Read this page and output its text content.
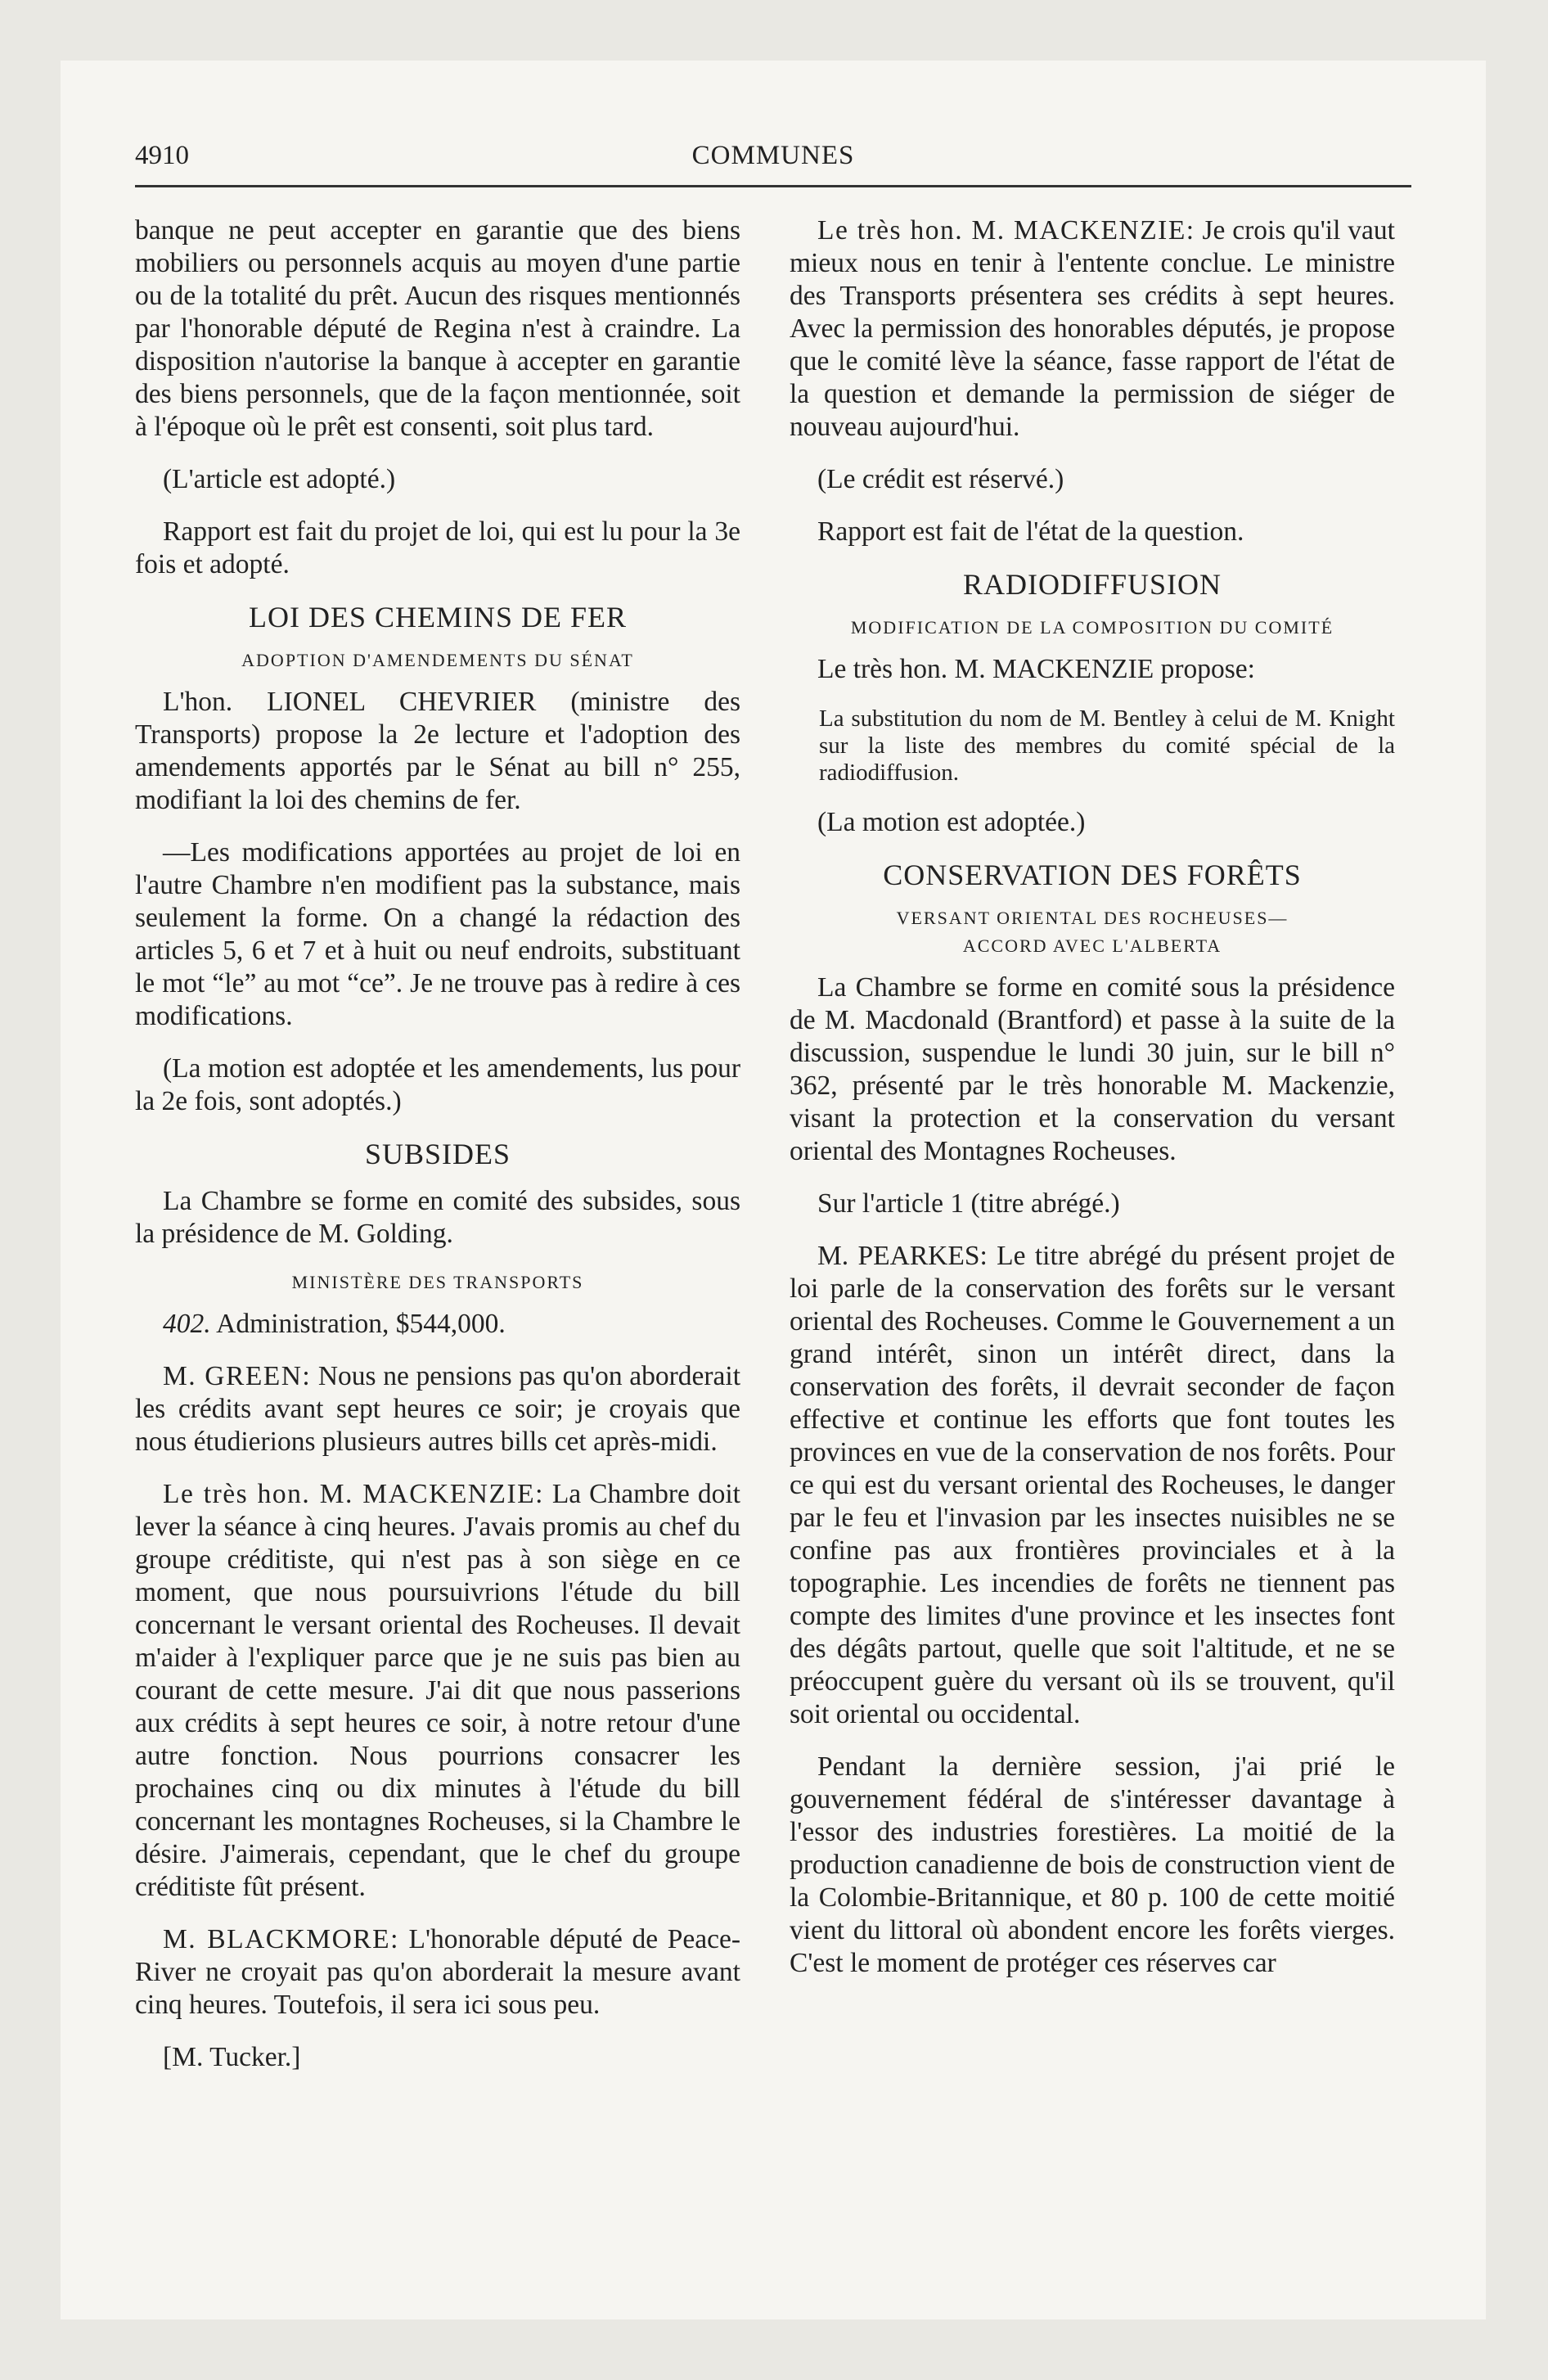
4910	COMMUNES

banque ne peut accepter en garantie que des biens mobiliers ou personnels acquis au moyen d'une partie ou de la totalité du prêt. Aucun des risques mentionnés par l'honorable député de Regina n'est à craindre. La disposition n'autorise la banque à accepter en garantie des biens personnels, que de la façon mentionnée, soit à l'époque où le prêt est consenti, soit plus tard.

(L'article est adopté.)

Rapport est fait du projet de loi, qui est lu pour la 3e fois et adopté.

LOI DES CHEMINS DE FER
ADOPTION D'AMENDEMENTS DU SÉNAT

L'hon. LIONEL CHEVRIER (ministre des Transports) propose la 2e lecture et l'adoption des amendements apportés par le Sénat au bill n° 255, modifiant la loi des chemins de fer.

—Les modifications apportées au projet de loi en l'autre Chambre n'en modifient pas la substance, mais seulement la forme. On a changé la rédaction des articles 5, 6 et 7 et à huit ou neuf endroits, substituant le mot “le” au mot “ce”. Je ne trouve pas à redire à ces modifications.

(La motion est adoptée et les amendements, lus pour la 2e fois, sont adoptés.)

SUBSIDES

La Chambre se forme en comité des subsides, sous la présidence de M. Golding.

MINISTÈRE DES TRANSPORTS

402. Administration, $544,000.

M. GREEN: Nous ne pensions pas qu'on aborderait les crédits avant sept heures ce soir; je croyais que nous étudierions plusieurs autres bills cet après-midi.

Le très hon. M. MACKENZIE: La Chambre doit lever la séance à cinq heures. J'avais promis au chef du groupe créditiste, qui n'est pas à son siège en ce moment, que nous poursuivrions l'étude du bill concernant le versant oriental des Rocheuses. Il devait m'aider à l'expliquer parce que je ne suis pas bien au courant de cette mesure. J'ai dit que nous passerions aux crédits à sept heures ce soir, à notre retour d'une autre fonction. Nous pourrions consacrer les prochaines cinq ou dix minutes à l'étude du bill concernant les montagnes Rocheuses, si la Chambre le désire. J'aimerais, cependant, que le chef du groupe créditiste fût présent.

M. BLACKMORE: L'honorable député de Peace-River ne croyait pas qu'on aborderait la mesure avant cinq heures. Toutefois, il sera ici sous peu.

[M. Tucker.]

Le très hon. M. MACKENZIE: Je crois qu'il vaut mieux nous en tenir à l'entente conclue. Le ministre des Transports présentera ses crédits à sept heures. Avec la permission des honorables députés, je propose que le comité lève la séance, fasse rapport de l'état de la question et demande la permission de siéger de nouveau aujourd'hui.

(Le crédit est réservé.)

Rapport est fait de l'état de la question.

RADIODIFFUSION
MODIFICATION DE LA COMPOSITION DU COMITÉ

Le très hon. M. MACKENZIE propose:

La substitution du nom de M. Bentley à celui de M. Knight sur la liste des membres du comité spécial de la radiodiffusion.

(La motion est adoptée.)

CONSERVATION DES FORÊTS
VERSANT ORIENTAL DES ROCHEUSES—
ACCORD AVEC L'ALBERTA

La Chambre se forme en comité sous la présidence de M. Macdonald (Brantford) et passe à la suite de la discussion, suspendue le lundi 30 juin, sur le bill n° 362, présenté par le très honorable M. Mackenzie, visant la protection et la conservation du versant oriental des Montagnes Rocheuses.

Sur l'article 1 (titre abrégé.)

M. PEARKES: Le titre abrégé du présent projet de loi parle de la conservation des forêts sur le versant oriental des Rocheuses. Comme le Gouvernement a un grand intérêt, sinon un intérêt direct, dans la conservation des forêts, il devrait seconder de façon effective et continue les efforts que font toutes les provinces en vue de la conservation de nos forêts. Pour ce qui est du versant oriental des Rocheuses, le danger par le feu et l'invasion par les insectes nuisibles ne se confine pas aux frontières provinciales et à la topographie. Les incendies de forêts ne tiennent pas compte des limites d'une province et les insectes font des dégâts partout, quelle que soit l'altitude, et ne se préoccupent guère du versant où ils se trouvent, qu'il soit oriental ou occidental.

Pendant la dernière session, j'ai prié le gouvernement fédéral de s'intéresser davantage à l'essor des industries forestières. La moitié de la production canadienne de bois de construction vient de la Colombie-Britannique, et 80 p. 100 de cette moitié vient du littoral où abondent encore les forêts vierges. C'est le moment de protéger ces réserves car
